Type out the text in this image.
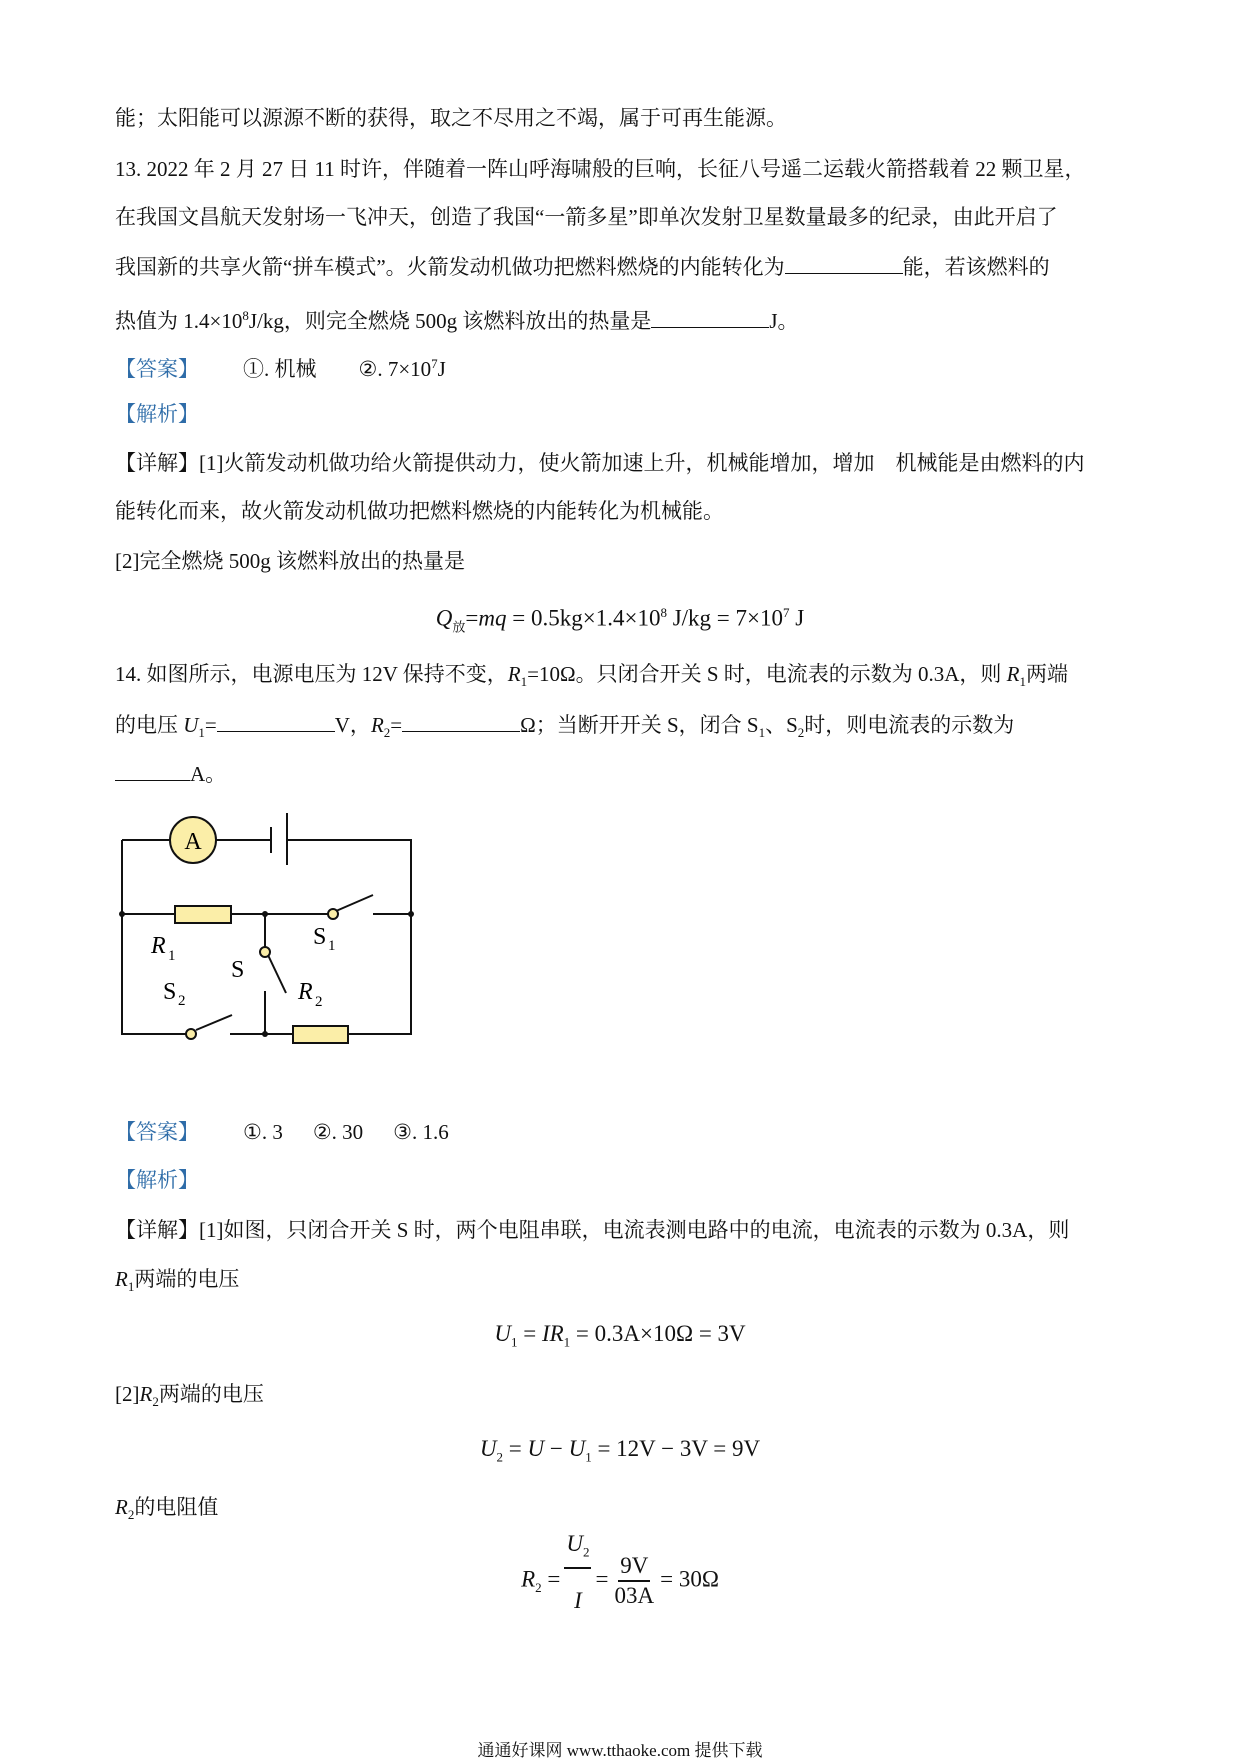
能；太阳能可以源源不断的获得，取之不尽用之不竭，属于可再生能源。
13. 2022 年 2 月 27 日 11 时许，伴随着一阵山呼海啸般的巨响，长征八号遥二运载火箭搭载着 22 颗卫星，
在我国文昌航天发射场一飞冲天，创造了我国“一箭多星”即单次发射卫星数量最多的纪录，由此开启了
我国新的共享火箭“拼车模式”。火箭发动机做功把燃料燃烧的内能转化为	能，若该燃料的
热值为 $1.4\times 10^8J/kg$，则完全燃烧 500g 该燃料放出的热量是	J。
【答案】 ①. 机械 ②. $7\times 10^7J$
【解析】
【详解】[1]火箭发动机做功给火箭提供动力，使火箭加速上升，机械能增加，增加　机械能是由燃料的内
能转化而来，故火箭发动机做功把燃料燃烧的内能转化为机械能。
[2]完全燃烧 500g 该燃料放出的热量是
$Q_放=mq = 0.5kg\times 1.4\times 10^8$ $J/kg = 7\times 10^7$ J
14. 如图所示，电源电压为 12V 保持不变，$R_1=10\Omega$。只闭合开关 S 时，电流表的示数为 0.3A，则 $R_1$两端
的电压 $U_1=$	V，$R_2=$	Ω；当断开开关 S，闭合 $S_1$、$S_2$时，则电流表的示数为
A。
A
R 1
S 1
S
S 2	R 2
【答案】 ①. 3 ②. 30 ③. 1.6
【解析】
【详解】[1]如图，只闭合开关 S 时，两个电阻串联，电流表测电路中的电流，电流表的示数为 0.3A，则
$R_1$两端的电压
$U_1 = IR_1 = 0.3A\times 10\Omega = 3V$
$[2]R_2$两端的电压
$U_2 = U - U_1 = 12V - 3V = 9V$
$R_2$的电阻值
$R_2 = \frac{U_2}{I} = \frac{9V}{03A} = 30\Omega$
通通好课网 www.tthaoke.com 提供下载
